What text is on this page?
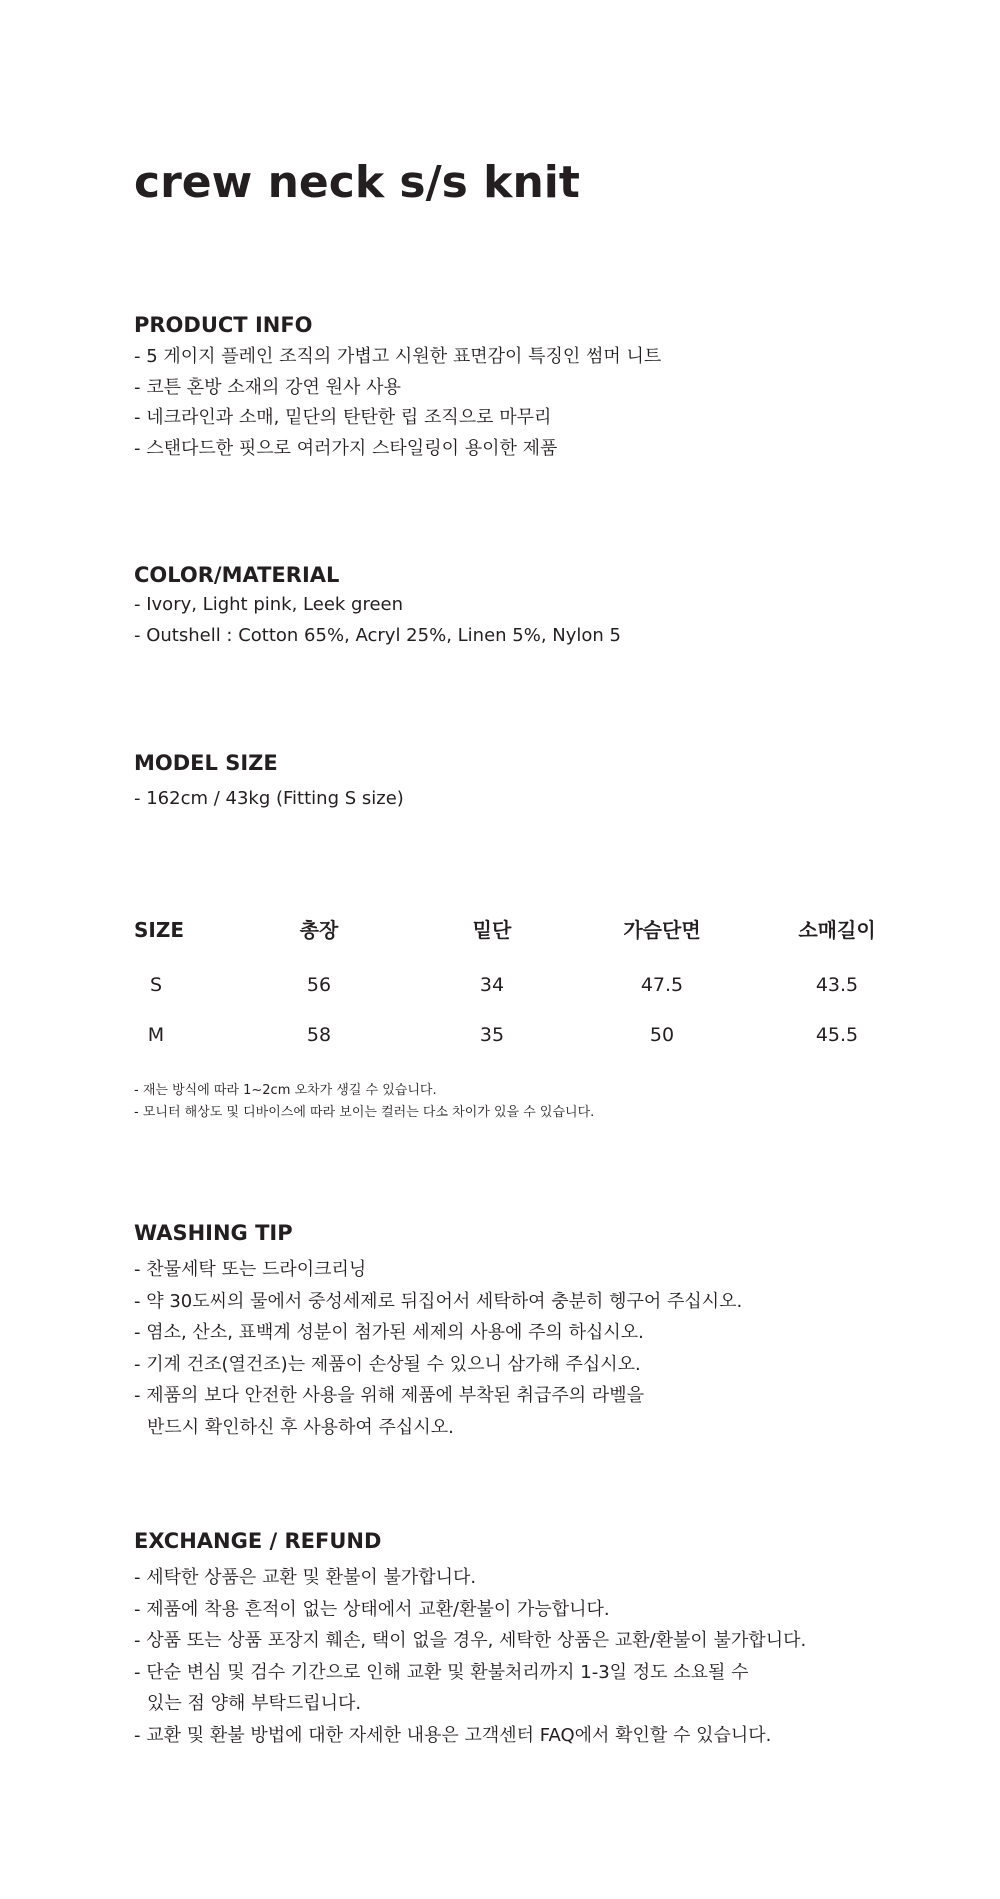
crew neck s/s knit
PRODUCT INFO
- 5 게이지 플레인 조직의 가볍고 시원한 표면감이 특징인 썸머 니트
- 코튼 혼방 소재의 강연 원사 사용
- 네크라인과 소매, 밑단의 탄탄한 립 조직으로 마무리
- 스탠다드한 핏으로 여러가지 스타일링이 용이한 제품
COLOR/MATERIAL
- Ivory, Light pink, Leek green
- Outshell : Cotton 65%, Acryl 25%, Linen 5%, Nylon 5
MODEL SIZE
- 162cm / 43kg (Fitting S size)
SIZE	총장	밑단	가슴단면	소매길이
S	56	34	47.5	43.5
M	58	35	50	45.5
- 재는 방식에 따라 1~2cm 오차가 생길 수 있습니다.
- 모니터 해상도 및 디바이스에 따라 보이는 컬러는 다소 차이가 있을 수 있습니다.
WASHING TIP
- 찬물세탁 또는 드라이크리닝
- 약 30도씨의 물에서 중성세제로 뒤집어서 세탁하여 충분히 헹구어 주십시오.
- 염소, 산소, 표백계 성분이 첨가된 세제의 사용에 주의 하십시오.
- 기계 건조(열건조)는 제품이 손상될 수 있으니 삼가해 주십시오.
- 제품의 보다 안전한 사용을 위해 제품에 부착된 취급주의 라벨을
반드시 확인하신 후 사용하여 주십시오.
EXCHANGE / REFUND
- 세탁한 상품은 교환 및 환불이 불가합니다.
- 제품에 착용 흔적이 없는 상태에서 교환/환불이 가능합니다.
- 상품 또는 상품 포장지 훼손, 택이 없을 경우, 세탁한 상품은 교환/환불이 불가합니다.
- 단순 변심 및 검수 기간으로 인해 교환 및 환불처리까지 1-3일 정도 소요될 수
있는 점 양해 부탁드립니다.
- 교환 및 환불 방법에 대한 자세한 내용은 고객센터 FAQ에서 확인할 수 있습니다.
